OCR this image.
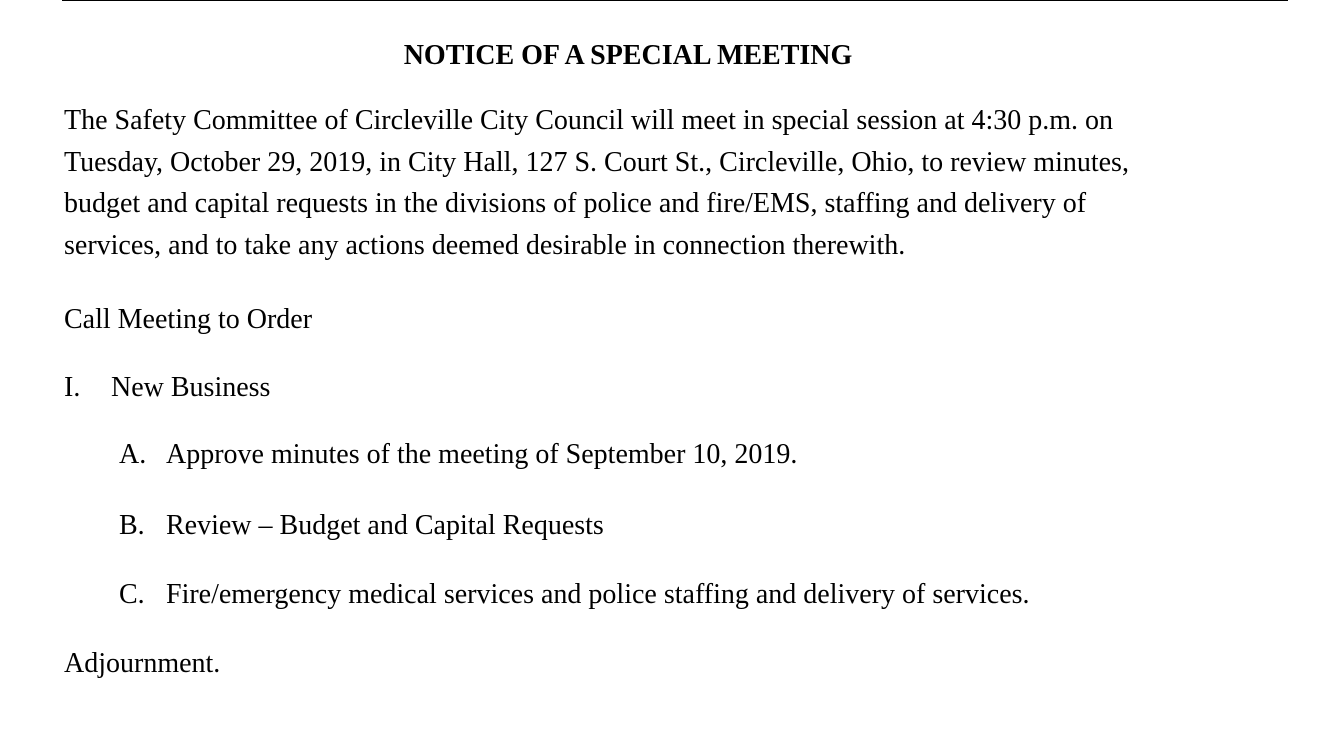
NOTICE OF A SPECIAL MEETING
The Safety Committee of Circleville City Council will meet in special session at 4:30 p.m. on
Tuesday, October 29, 2019, in City Hall, 127 S. Court St., Circleville, Ohio, to review minutes,
budget and capital requests in the divisions of police and fire/EMS, staffing and delivery of
services, and to take any actions deemed desirable in connection therewith.
Call Meeting to Order
I. New Business
A. Approve minutes of the meeting of September 10, 2019.
B. Review – Budget and Capital Requests
C. Fire/emergency medical services and police staffing and delivery of services.
Adjournment.
